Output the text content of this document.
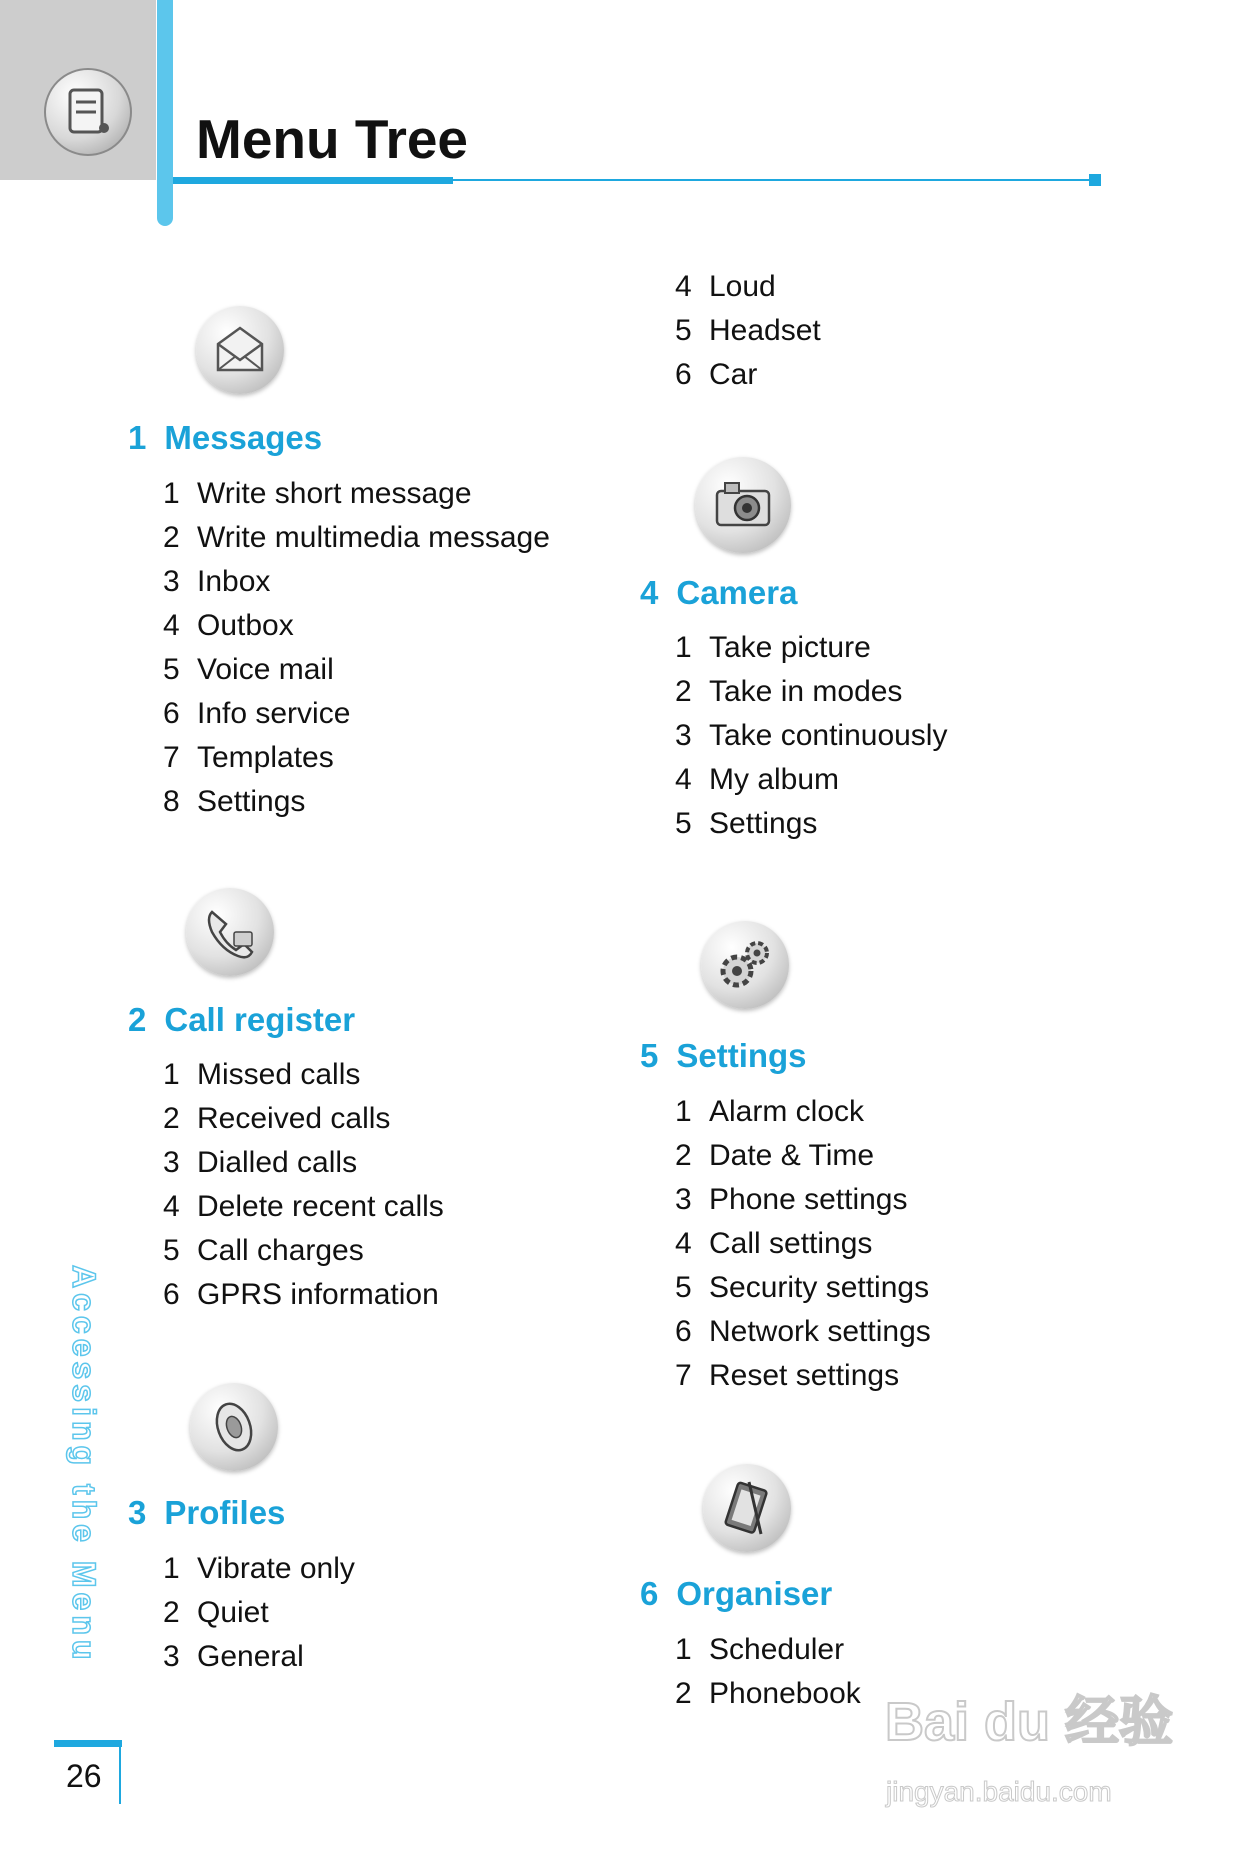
Menu Tree
1 Messages
1 Write short message
2 Write multimedia message
3 Inbox
4 Outbox
5 Voice mail
6 Info service
7 Templates
8 Settings
2 Call register
1 Missed calls
2 Received calls
3 Dialled calls
4 Delete recent calls
5 Call charges
6 GPRS information
3 Profiles
1 Vibrate only
2 Quiet
3 General
4 Loud
5 Headset
6 Car
4 Camera
1 Take picture
2 Take in modes
3 Take continuously
4 My album
5 Settings
5 Settings
1 Alarm clock
2 Date & Time
3 Phone settings
4 Call settings
5 Security settings
6 Network settings
7 Reset settings
6 Organiser
1 Scheduler
2 Phonebook
Accessing the Menu
26
Bai du 经验
jingyan.baidu.com
